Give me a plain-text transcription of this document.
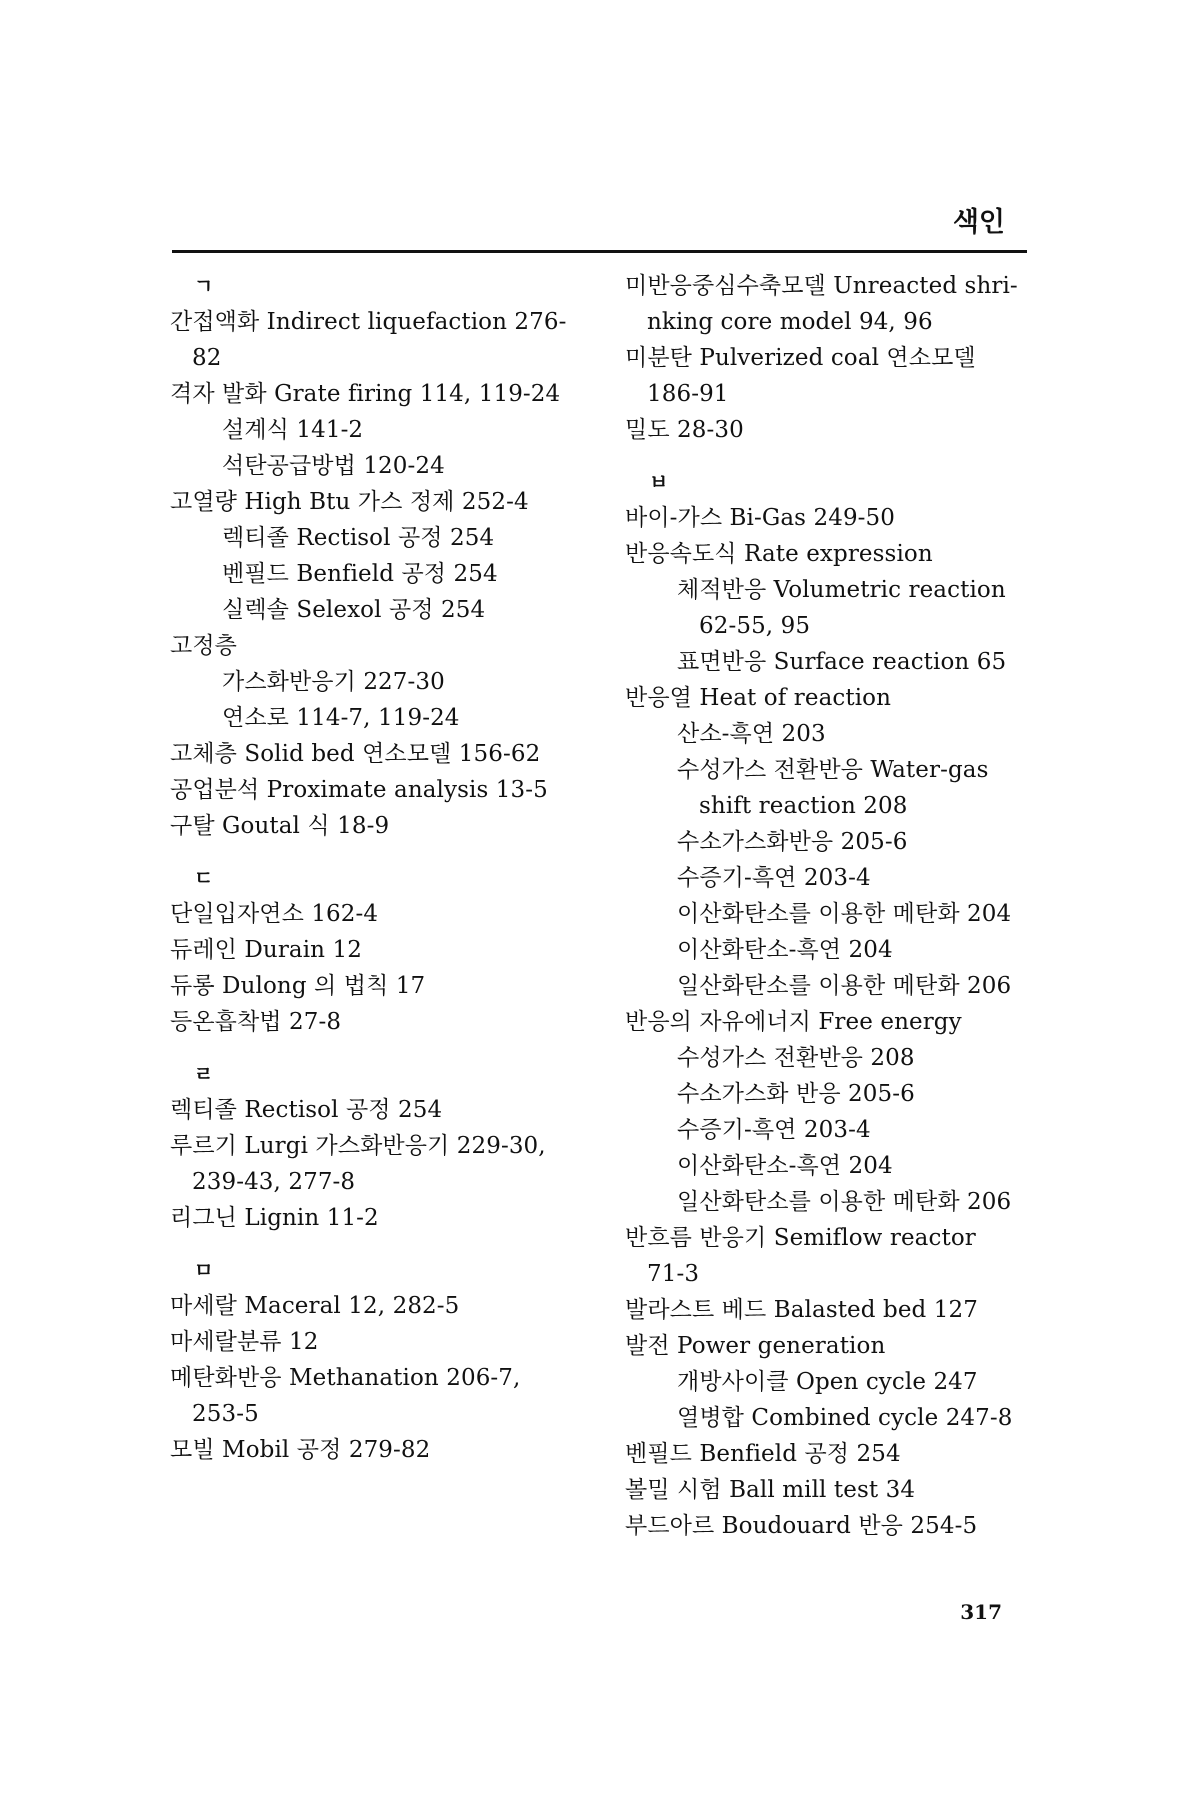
색인
ㄱ
간접액화 Indirect liquefaction 276-
82
격자 발화 Grate firing 114, 119-24
설계식 141-2
석탄공급방법 120-24
고열량 High Btu 가스 정제 252-4
렉티졸 Rectisol 공정 254
벤필드 Benfield 공정 254
실렉솔 Selexol 공정 254
고정층
가스화반응기 227-30
연소로 114-7, 119-24
고체층 Solid bed 연소모델 156-62
공업분석 Proximate analysis 13-5
구탈 Goutal 식 18-9
ㄷ
단일입자연소 162-4
듀레인 Durain 12
듀롱 Dulong 의 법칙 17
등온흡착법 27-8
ㄹ
렉티졸 Rectisol 공정 254
루르기 Lurgi 가스화반응기 229-30,
239-43, 277-8
리그닌 Lignin 11-2
ㅁ
마세랄 Maceral 12, 282-5
마세랄분류 12
메탄화반응 Methanation 206-7,
253-5
모빌 Mobil 공정 279-82
미반응중심수축모델 Unreacted shri-
nking core model 94, 96
미분탄 Pulverized coal 연소모델
186-91
밀도 28-30
ㅂ
바이-가스 Bi-Gas 249-50
반응속도식 Rate expression
체적반응 Volumetric reaction
62-55, 95
표면반응 Surface reaction 65
반응열 Heat of reaction
산소-흑연 203
수성가스 전환반응 Water-gas
shift reaction 208
수소가스화반응 205-6
수증기-흑연 203-4
이산화탄소를 이용한 메탄화 204
이산화탄소-흑연 204
일산화탄소를 이용한 메탄화 206
반응의 자유에너지 Free energy
수성가스 전환반응 208
수소가스화 반응 205-6
수증기-흑연 203-4
이산화탄소-흑연 204
일산화탄소를 이용한 메탄화 206
반흐름 반응기 Semiflow reactor
71-3
발라스트 베드 Balasted bed 127
발전 Power generation
개방사이클 Open cycle 247
열병합 Combined cycle 247-8
벤필드 Benfield 공정 254
볼밀 시험 Ball mill test 34
부드아르 Boudouard 반응 254-5
317
